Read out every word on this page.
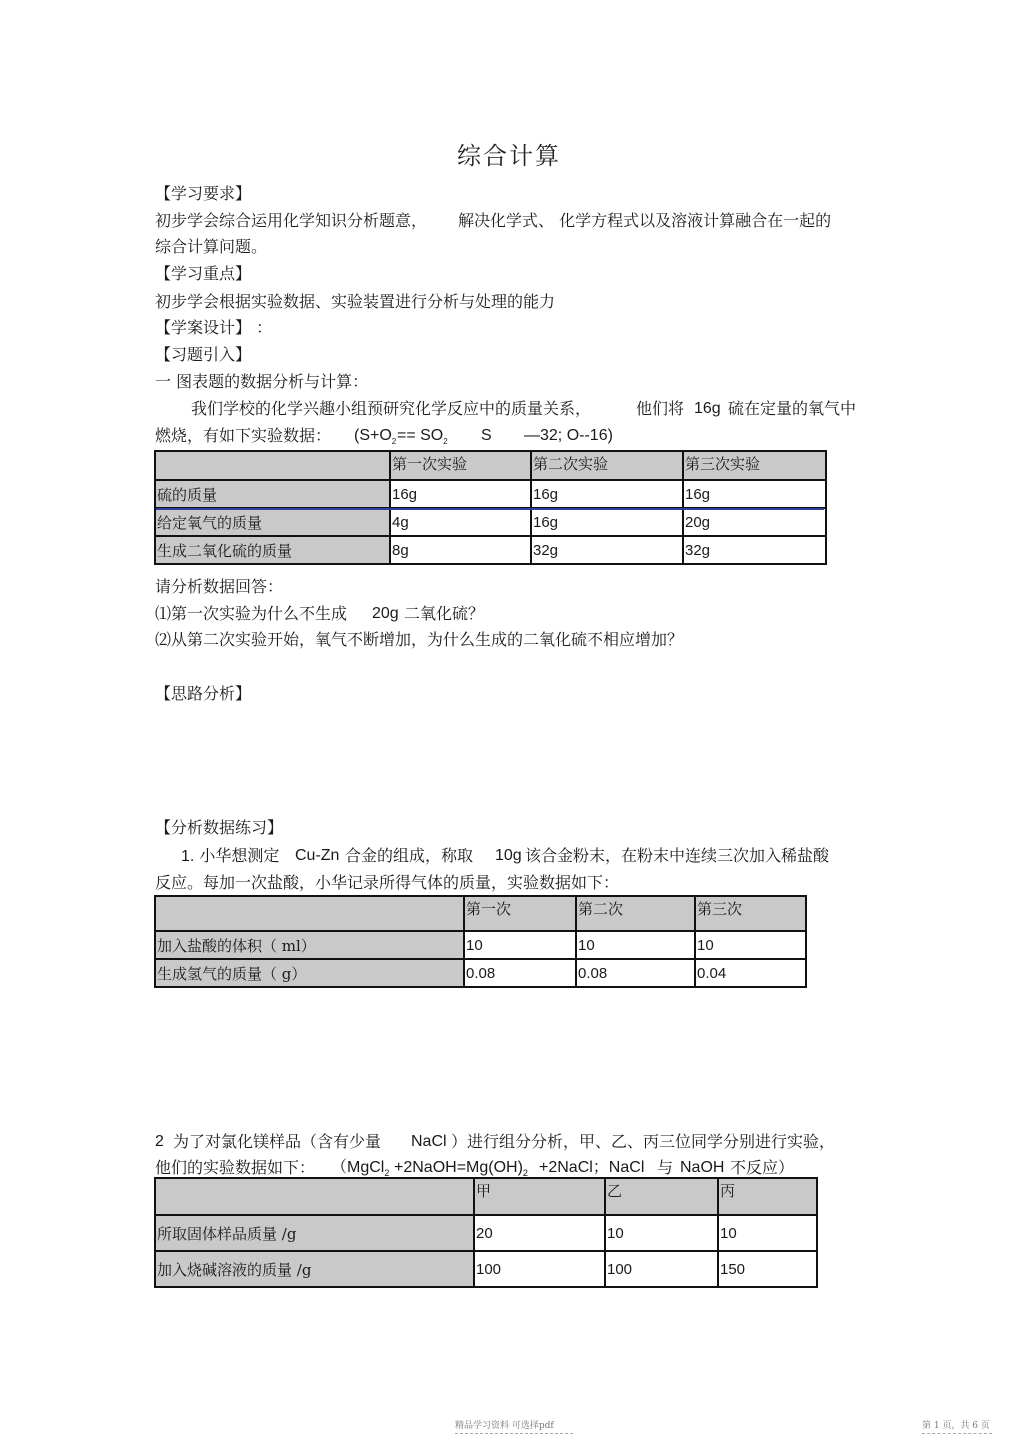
综合计算
【学习要求】
初步学会综合运用化学知识分析题意， 解决化学式、 化学方程式以及溶液计算融合在一起的
综合计算问题。
【学习重点】
初步学会根据实验数据、实验装置进行分析与处理的能力
【学案设计】 ：
【习题引入】
一 图表题的数据分析与计算：
我们学校的化学兴趣小组预研究化学反应中的质量关系，	他们将 16g 硫在定量的氧气中
燃烧，有如下实验数据： ($S+O_2 == SO_2$ S —32; O--16)
	第一次实验	第二次实验	第三次实验
硫的质量	16g	16g	16g
给定氧气的质量	4g	16g	20g
生成二氧化硫的质量	8g	32g	32g
请分析数据回答：
⑴第一次实验为什么不生成 20g 二氧化硫？
⑵从第二次实验开始，氧气不断增加，为什么生成的二氧化硫不相应增加？
【思路分析】
【分析数据练习】
1. 小华想测定 Cu-Zn 合金的组成，称取 10g 该合金粉末，在粉末中连续三次加入稀盐酸
反应。每加一次盐酸，小华记录所得气体的质量，实验数据如下：
	第一次	第二次	第三次
加入盐酸的体积（ ml）	10	10	10
生成氢气的质量（ g）	0.08	0.08	0.04
2 为了对氯化镁样品（含有少量 NaCl ）进行组分分析，甲、乙、丙三位同学分别进行实验，
他们的实验数据如下： （MgCl$_2$ $+2NaOH=Mg(OH)_2$ +2NaCl；NaCl 与 NaOH 不反应）
	甲	乙	丙
所取固体样品质量 /g	20	10	10
加入烧碱溶液的质量 /g	100	100	150
精品学习资料 可选择pdf	第 1 页，共 6 页
